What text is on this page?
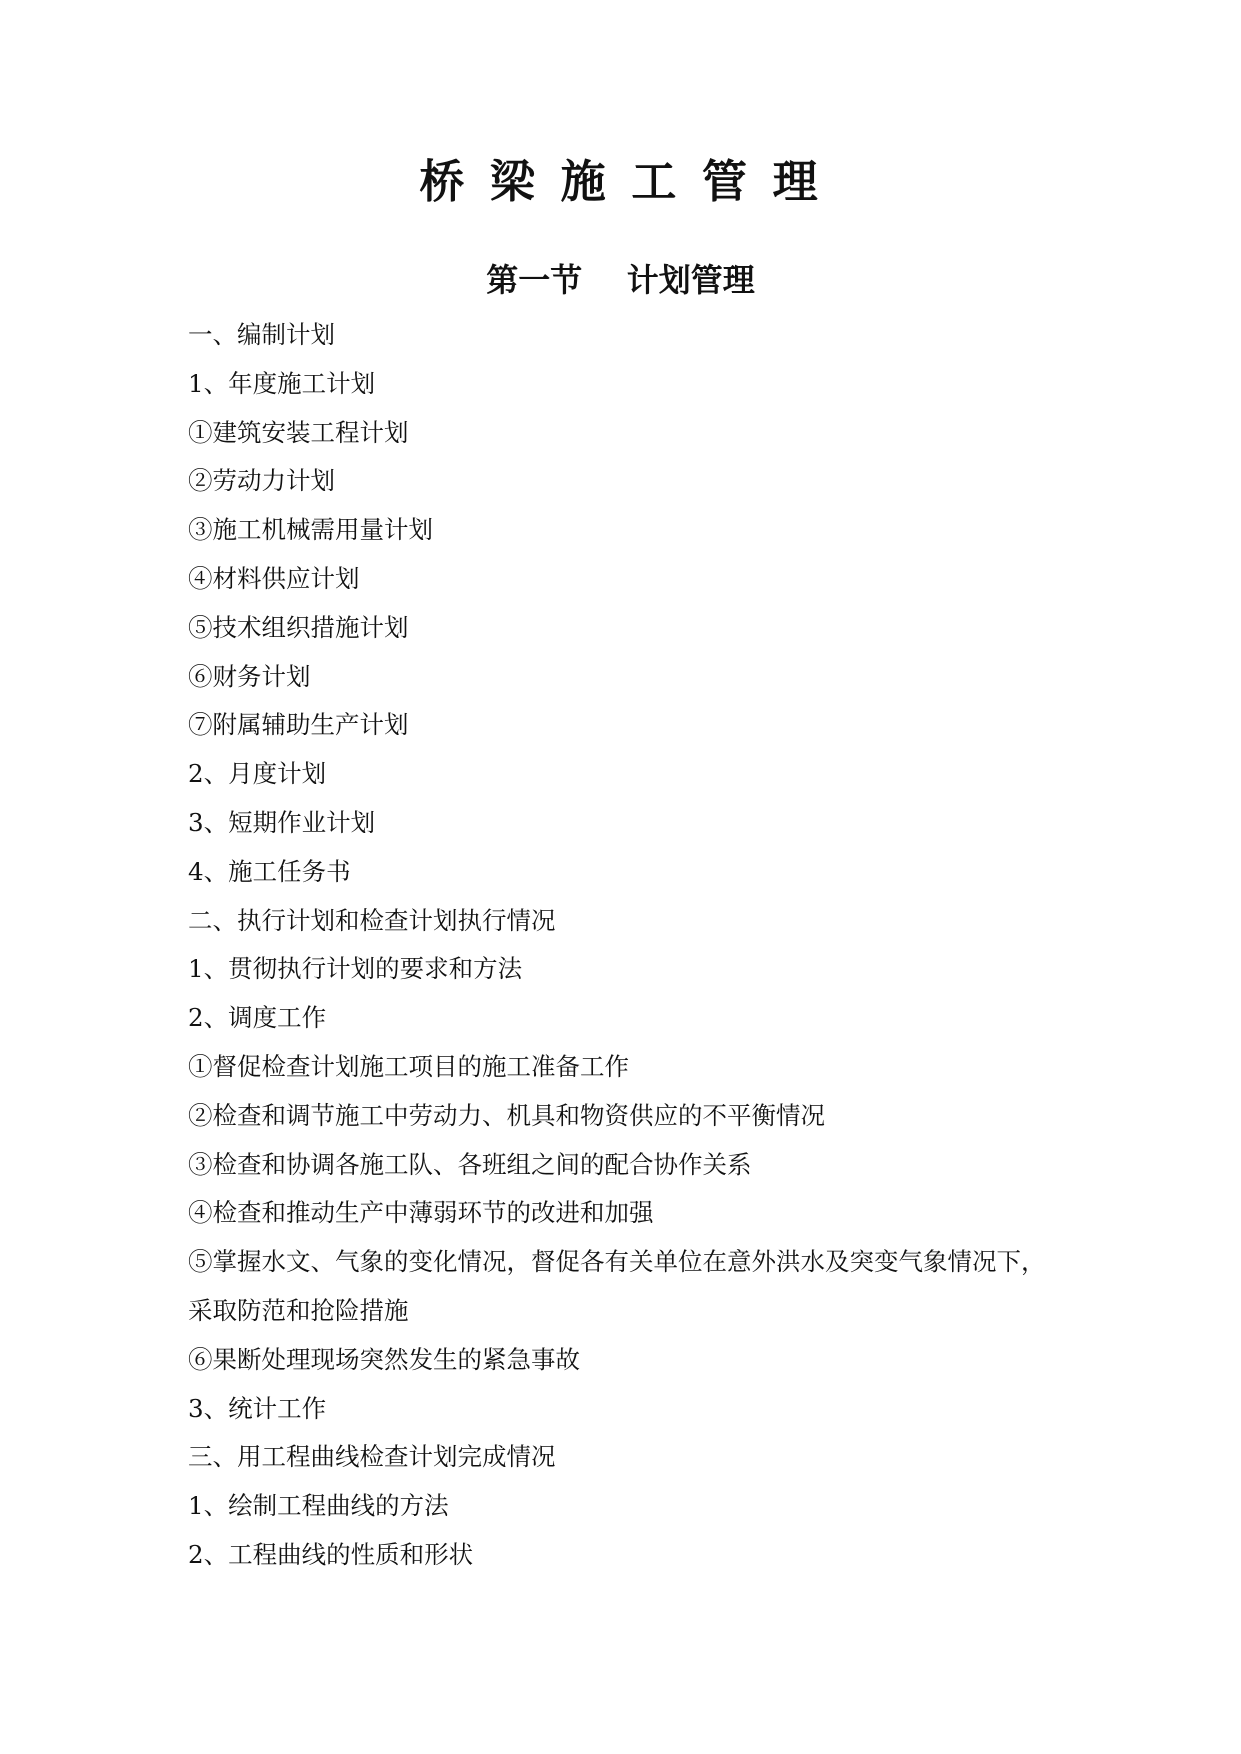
桥 梁 施 工 管 理
第一节    计划管理

一、编制计划

1、年度施工计划

①建筑安装工程计划

②劳动力计划

③施工机械需用量计划

④材料供应计划

⑤技术组织措施计划

⑥财务计划

⑦附属辅助生产计划

2、月度计划

3、短期作业计划

4、施工任务书

二、执行计划和检查计划执行情况

1、贯彻执行计划的要求和方法

2、调度工作

①督促检查计划施工项目的施工准备工作

②检查和调节施工中劳动力、机具和物资供应的不平衡情况

③检查和协调各施工队、各班组之间的配合协作关系

④检查和推动生产中薄弱环节的改进和加强

⑤掌握水文、气象的变化情况，督促各有关单位在意外洪水及突变气象情况下，

采取防范和抢险措施

⑥果断处理现场突然发生的紧急事故

3、统计工作

三、用工程曲线检查计划完成情况

1、绘制工程曲线的方法

2、工程曲线的性质和形状
